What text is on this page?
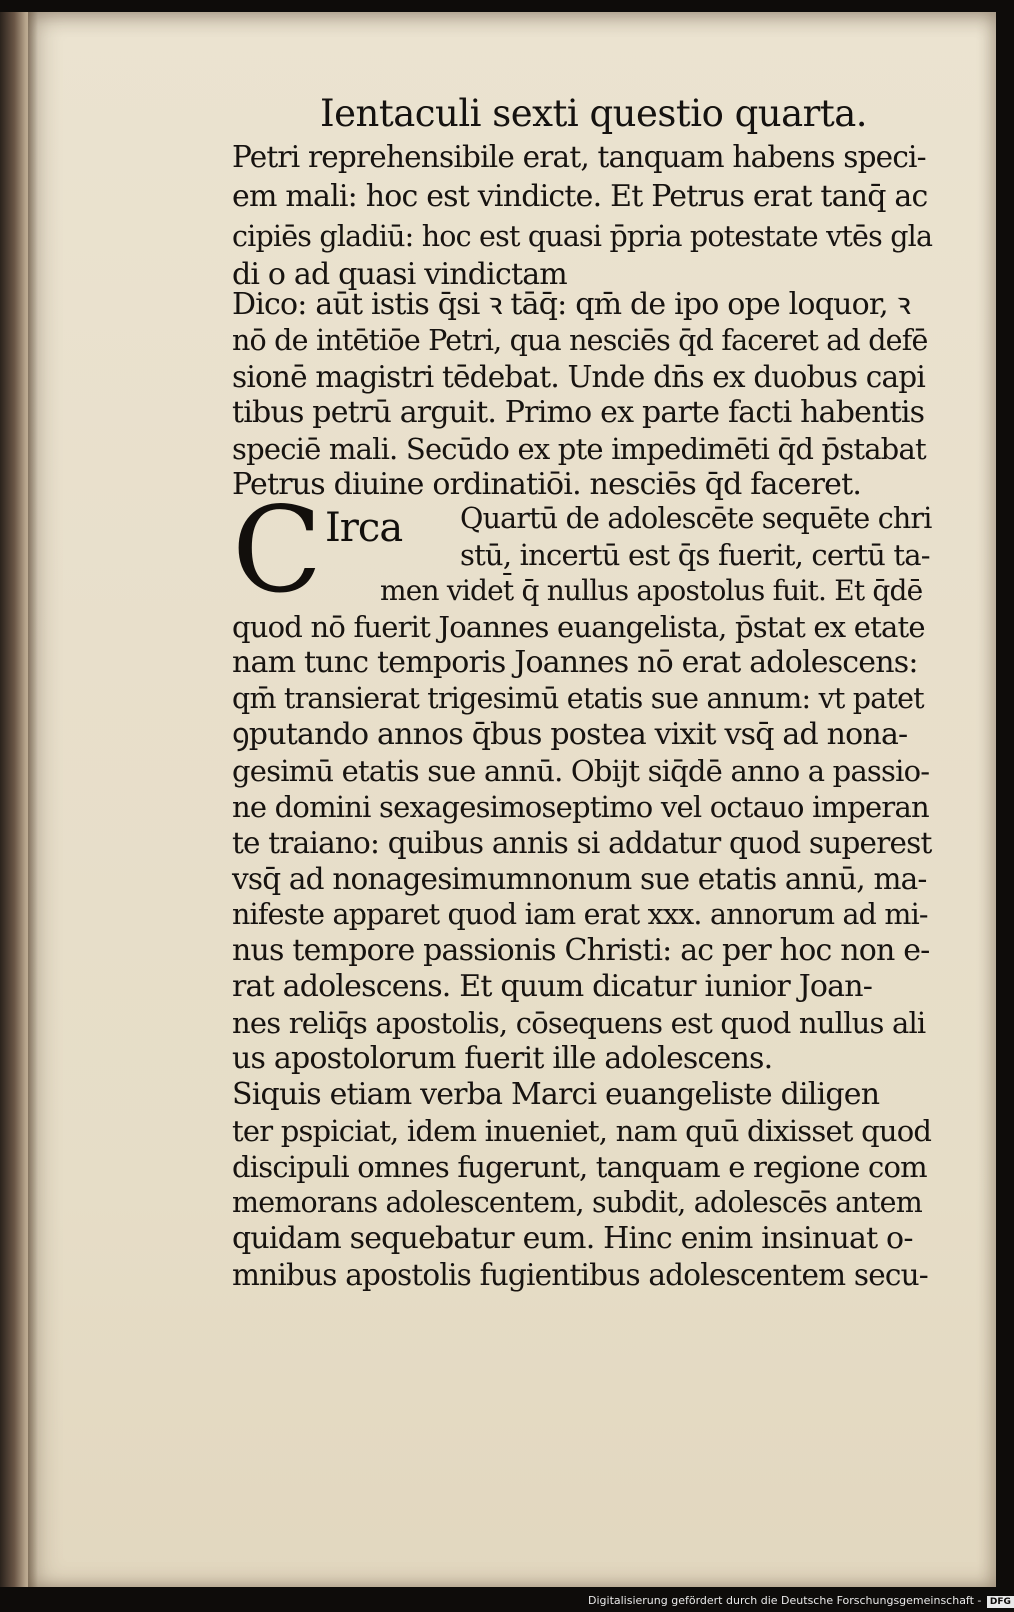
Ientaculi sexti questio quarta.
Petri reprehensibile erat, tanquam habens speci-
em mali: hoc est vindicte. Et Petrus erat tanq̄ ac
cipiēs gladiū: hoc est quasi p̄pria potestate vtēs gla
di o ad quasi vindictam
Dico: aūt istis q̄si ꝛ tāq̄: qm̄ de ipo ope loquor, ꝛ
nō de intētiōe Petri, qua nesciēs q̄d faceret ad defē
sionē magistri tēdebat. Unde dn̄s ex duobus capi
tibus petrū arguit. Primo ex parte facti habentis
speciē mali. Secūdo ex pte impedimēti q̄d p̄stabat
Petrus diuine ordinatiōi. nesciēs q̄d faceret.
Quartū de adolescēte sequēte chri
stū, incertū est q̄s fuerit, certū ta-
men videt̄ q̄ nullus apostolus fuit. Et q̄dē
quod nō fuerit Joannes euangelista, p̄stat ex etate
nam tunc temporis Joannes nō erat adolescens:
qm̄ transierat trigesimū etatis sue annum: vt patet
ꝯputando annos q̄bus postea vixit vsq̄ ad nona-
gesimū etatis sue annū. Obijt siq̄dē anno a passio-
ne domini sexagesimoseptimo vel octauo imperan
te traiano: quibus annis si addatur quod superest
vsq̄ ad nonagesimumnonum sue etatis annū, ma-
nifeste apparet quod iam erat xxx. annorum ad mi-
nus tempore passionis Christi: ac per hoc non e-
rat adolescens. Et quum dicatur iunior Joan-
nes reliq̄s apostolis, cōsequens est quod nullus ali
us apostolorum fuerit ille adolescens.
Siquis etiam verba Marci euangeliste diligen
ter pspiciat, idem inueniet, nam quū dixisset quod
discipuli omnes fugerunt, tanquam e regione com
memorans adolescentem, subdit, adolescēs antem
quidam sequebatur eum. Hinc enim insinuat o-
mnibus apostolis fugientibus adolescentem secu-
C Irca
Digitalisierung gefördert durch die Deutsche Forschungsgemeinschaft - DFG
